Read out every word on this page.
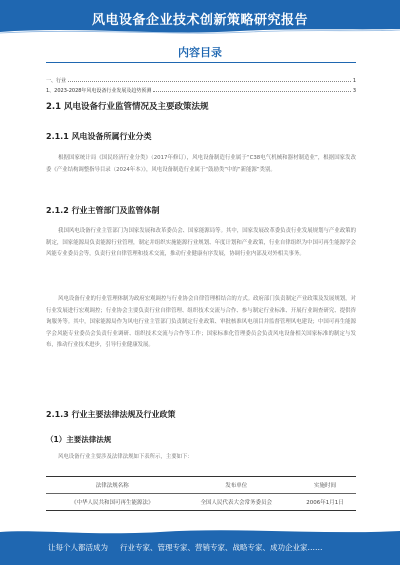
风电设备企业技术创新策略研究报告
内容目录
一、行业	1
1、2023-2028年风电设备行业发展及趋势预测	3
2.1 风电设备行业监管情况及主要政策法规
2.1.1 风电设备所属行业分类
根据国家统计局《国民经济行业分类》（2017年修订），风电设备制造行业属于“C38电气机械和器材制造业”，根据国家发改委《产业结构调整指导目录（2024年本）》，风电设备制造行业属于“鼓励类”中的“新能源”类别。
2.1.2 行业主管部门及监管体制
我国风电设备行业主管部门为国家发展和改革委员会、国家能源局等。其中，国家发展改革委负责行业发展规划与产业政策的制定，国家能源局负责能源行业管理，制定并组织实施能源行业规划、年度计划和产业政策，行业自律组织为中国可再生能源学会风能专业委员会等，负责行业自律管理和技术交流，推动行业健康有序发展，协调行业内部及对外相关事务。
风电设备行业的行业管理体制为政府宏观调控与行业协会自律管理相结合的方式。政府部门负责制定产业政策及发展规划，对行业发展进行宏观调控；行业协会主要负责行业自律管理、组织技术交流与合作、参与制定行业标准、开展行业调查研究、提供咨询服务等。其中，国家能源局作为风电行业主管部门负责制定行业政策、审批核准风电项目并监督管理风电建设；中国可再生能源学会风能专业委员会负责行业调研、组织技术交流与合作等工作；国家标准化管理委员会负责风电设备相关国家标准的制定与发布，推动行业技术进步，引导行业健康发展。
2.1.3 行业主要法律法规及行业政策
（1）主要法律法规
风电设备行业主要涉及法律法规如下表所示，主要如下：
法律法规名称	发布单位	实施时间
《中华人民共和国可再生能源法》	全国人民代表大会常务委员会	2006年1月1日
让每个人都活成为 行业专家、管理专家、营销专家、战略专家、成功企业家……
